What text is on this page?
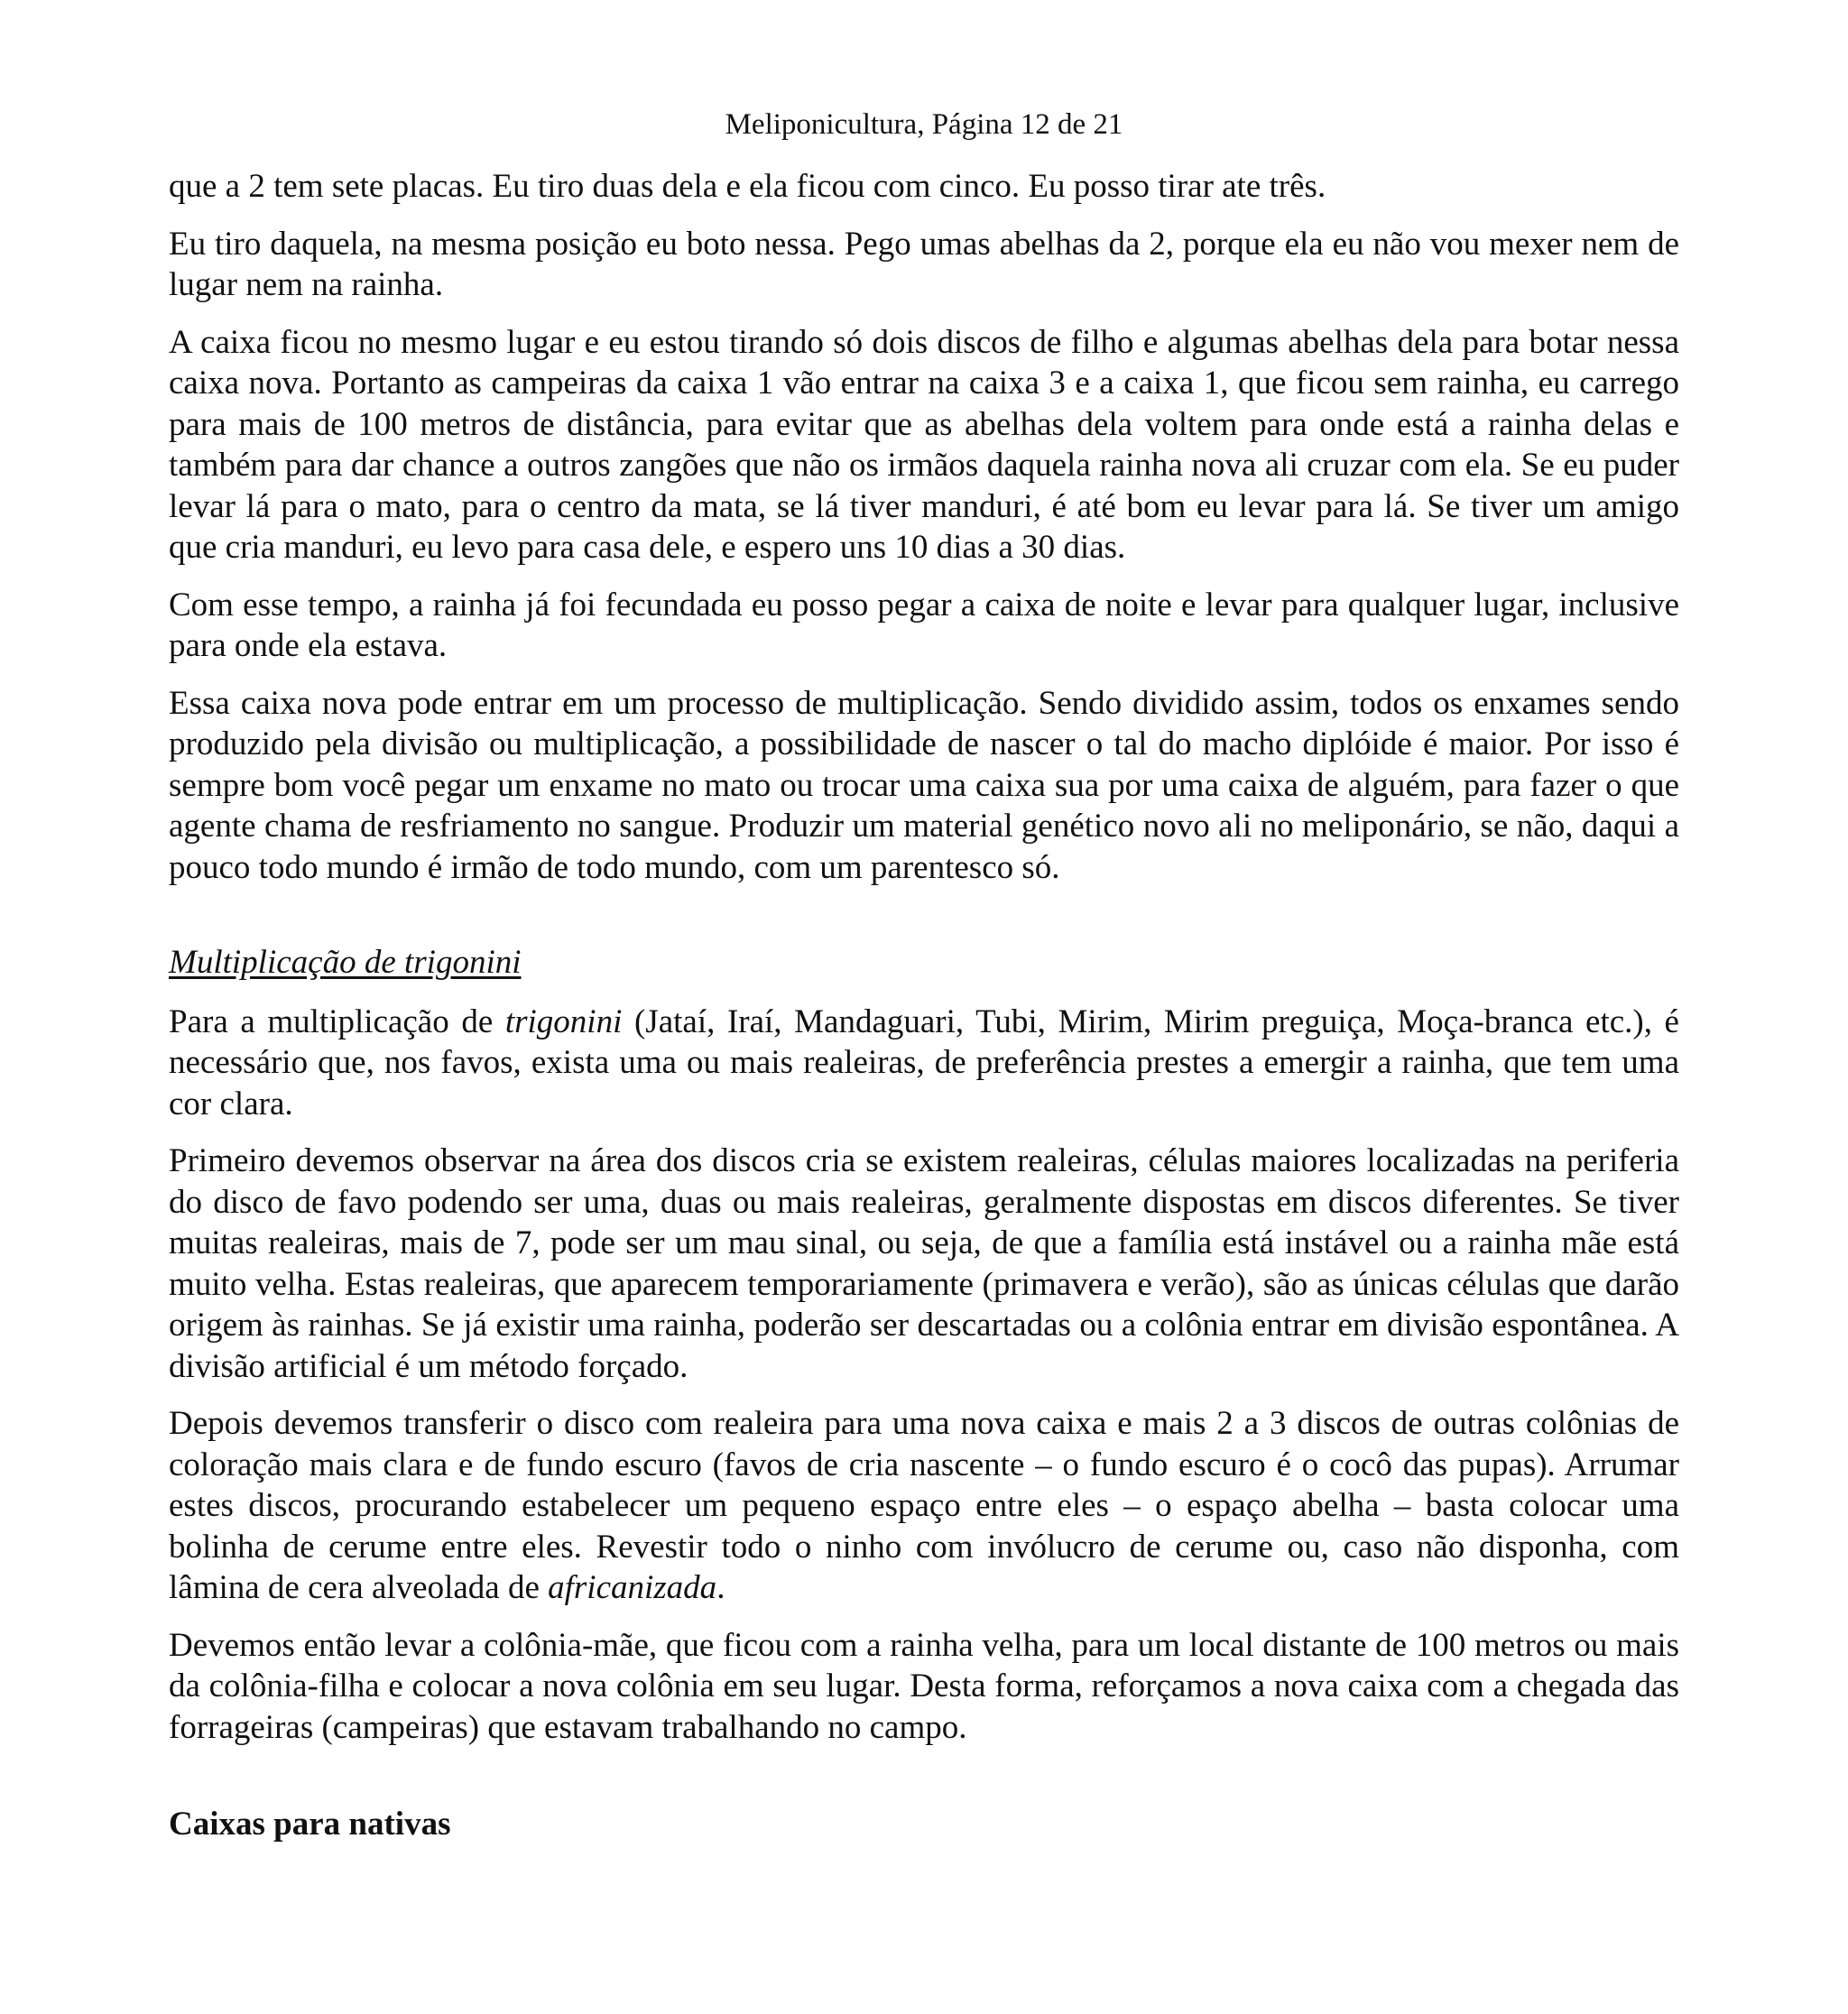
Meliponicultura, Página 12 de 21

que a 2 tem sete placas. Eu tiro duas dela e ela ficou com cinco. Eu posso tirar ate três.

Eu tiro daquela, na mesma posição eu boto nessa. Pego umas abelhas da 2, porque ela eu não vou mexer nem de lugar nem na rainha.

A caixa ficou no mesmo lugar e eu estou tirando só dois discos de filho e algumas abelhas dela para botar nessa caixa nova. Portanto as campeiras da caixa 1 vão entrar na caixa 3 e a caixa 1, que ficou sem rainha, eu carrego para mais de 100 metros de distância, para evitar que as abelhas dela voltem para onde está a rainha delas e também para dar chance a outros zangões que não os irmãos daquela rainha nova ali cruzar com ela. Se eu puder levar lá para o mato, para o centro da mata, se lá tiver manduri, é até bom eu levar para lá. Se tiver um amigo que cria manduri, eu levo para casa dele, e espero uns 10 dias a 30 dias.

Com esse tempo, a rainha já foi fecundada eu posso pegar a caixa de noite e levar para qualquer lugar, inclusive para onde ela estava.

Essa caixa nova pode entrar em um processo de multiplicação. Sendo dividido assim, todos os enxames sendo produzido pela divisão ou multiplicação, a possibilidade de nascer o tal do macho diplóide é maior. Por isso é sempre bom você pegar um enxame no mato ou trocar uma caixa sua por uma caixa de alguém, para fazer o que agente chama de resfriamento no sangue. Produzir um material genético novo ali no meliponário, se não, daqui a pouco todo mundo é irmão de todo mundo, com um parentesco só.

Multiplicação de trigonini

Para a multiplicação de trigonini (Jataí, Iraí, Mandaguari, Tubi, Mirim, Mirim preguiça, Moça-branca etc.), é necessário que, nos favos, exista uma ou mais realeiras, de preferência prestes a emergir a rainha, que tem uma cor clara.

Primeiro devemos observar na área dos discos cria se existem realeiras, células maiores localizadas na periferia do disco de favo podendo ser uma, duas ou mais realeiras, geralmente dispostas em discos diferentes. Se tiver muitas realeiras, mais de 7, pode ser um mau sinal, ou seja, de que a família está instável ou a rainha mãe está muito velha. Estas realeiras, que aparecem temporariamente (primavera e verão), são as únicas células que darão origem às rainhas. Se já existir uma rainha, poderão ser descartadas ou a colônia entrar em divisão espontânea. A divisão artificial é um método forçado.

Depois devemos transferir o disco com realeira para uma nova caixa e mais 2 a 3 discos de outras colônias de coloração mais clara e de fundo escuro (favos de cria nascente – o fundo escuro é o cocô das pupas). Arrumar estes discos, procurando estabelecer um pequeno espaço entre eles – o espaço abelha – basta colocar uma bolinha de cerume entre eles. Revestir todo o ninho com invólucro de cerume ou, caso não disponha, com lâmina de cera alveolada de africanizada.

Devemos então levar a colônia-mãe, que ficou com a rainha velha, para um local distante de 100 metros ou mais da colônia-filha e colocar a nova colônia em seu lugar. Desta forma, reforçamos a nova caixa com a chegada das forrageiras (campeiras) que estavam trabalhando no campo.

Caixas para nativas
